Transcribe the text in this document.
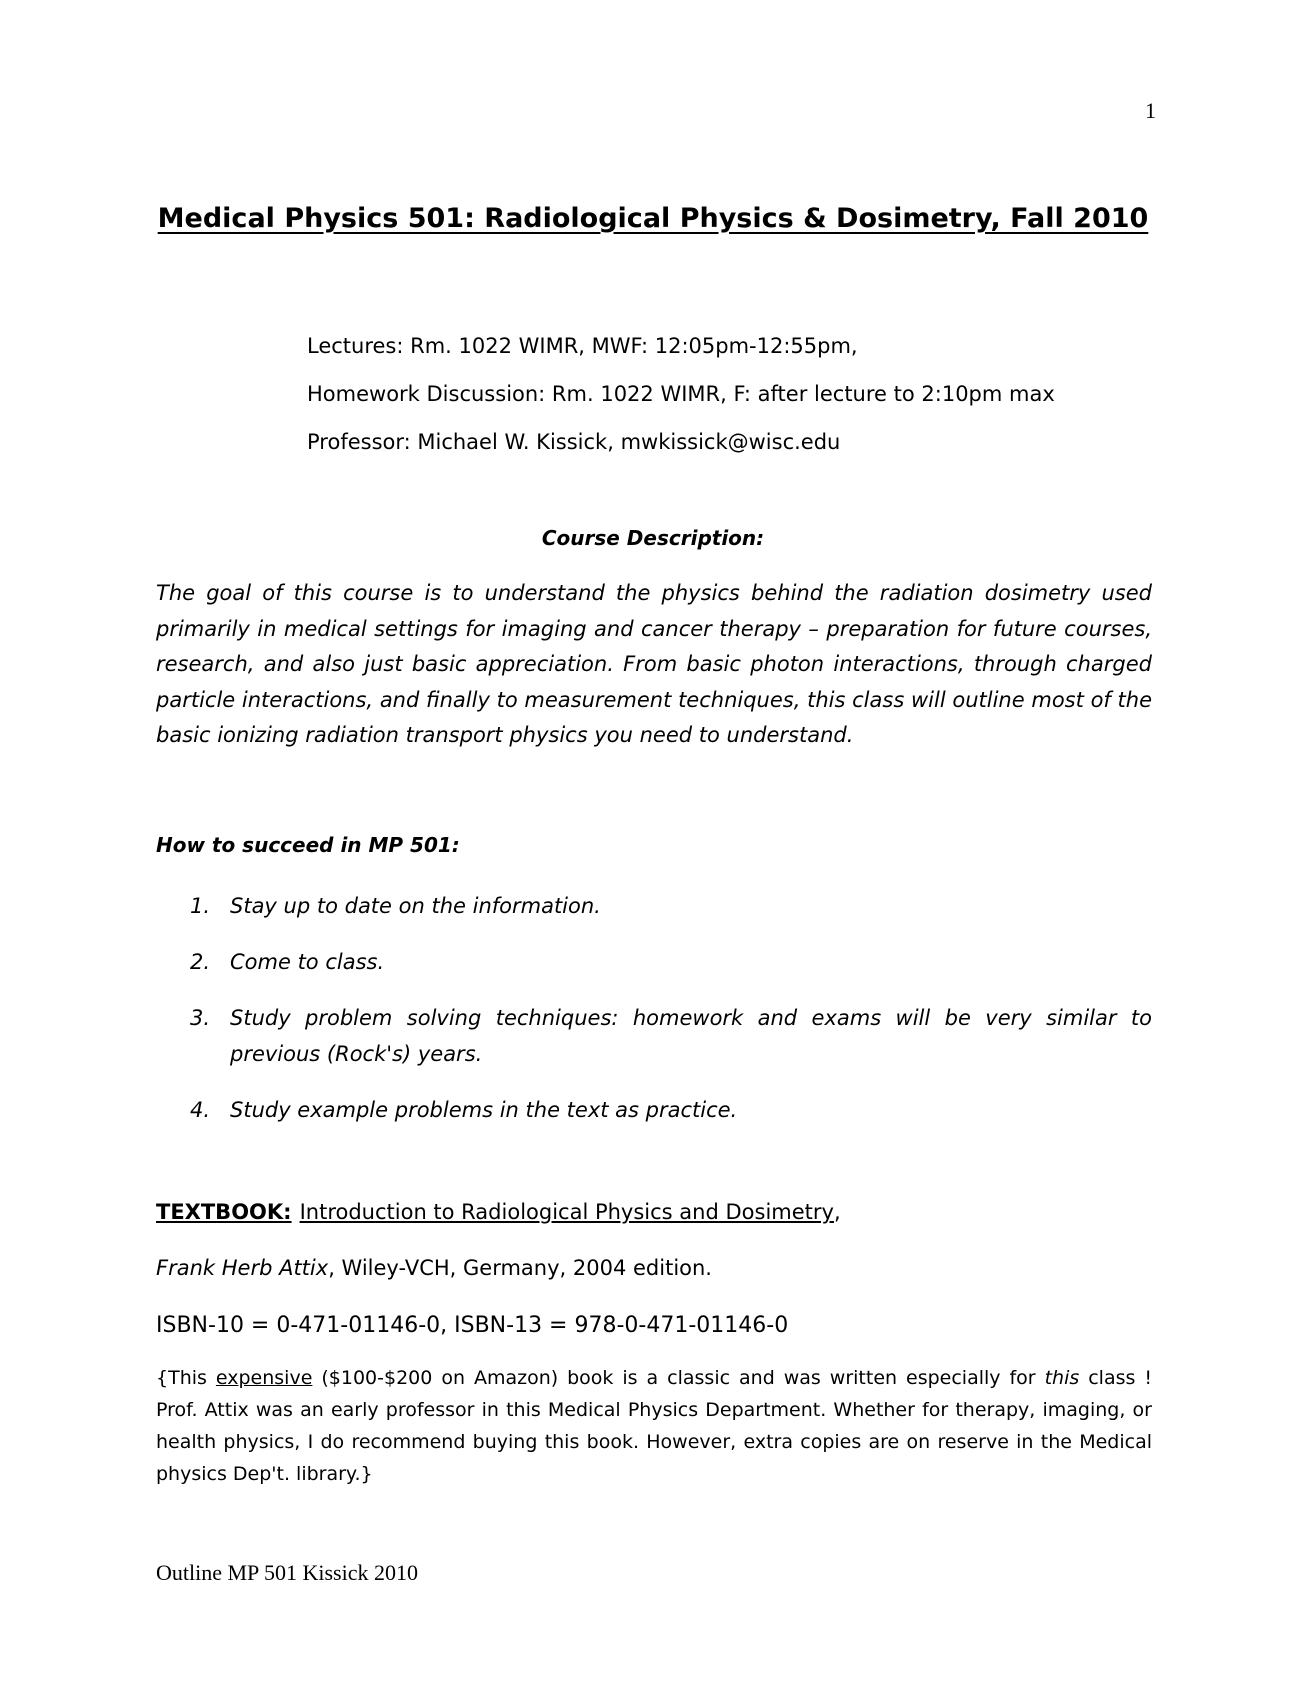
1
Medical Physics 501: Radiological Physics & Dosimetry, Fall 2010
Lectures: Rm. 1022 WIMR, MWF: 12:05pm-12:55pm,
Homework Discussion: Rm. 1022 WIMR, F: after lecture to 2:10pm max
Professor: Michael W. Kissick, mwkissick@wisc.edu
Course Description:
The goal of this course is to understand the physics behind the radiation dosimetry used primarily in medical settings for imaging and cancer therapy – preparation for future courses, research, and also just basic appreciation. From basic photon interactions, through charged particle interactions, and finally to measurement techniques, this class will outline most of the basic ionizing radiation transport physics you need to understand.
How to succeed in MP 501:
1. Stay up to date on the information.
2. Come to class.
3. Study problem solving techniques: homework and exams will be very similar to previous (Rock's) years.
4. Study example problems in the text as practice.
TEXTBOOK: Introduction to Radiological Physics and Dosimetry,
Frank Herb Attix, Wiley-VCH, Germany, 2004 edition.
ISBN-10 = 0-471-01146-0, ISBN-13 = 978-0-471-01146-0
{This expensive ($100-$200 on Amazon) book is a classic and was written especially for this class ! Prof. Attix was an early professor in this Medical Physics Department. Whether for therapy, imaging, or health physics, I do recommend buying this book. However, extra copies are on reserve in the Medical physics Dep't. library.}
Outline MP 501 Kissick 2010
